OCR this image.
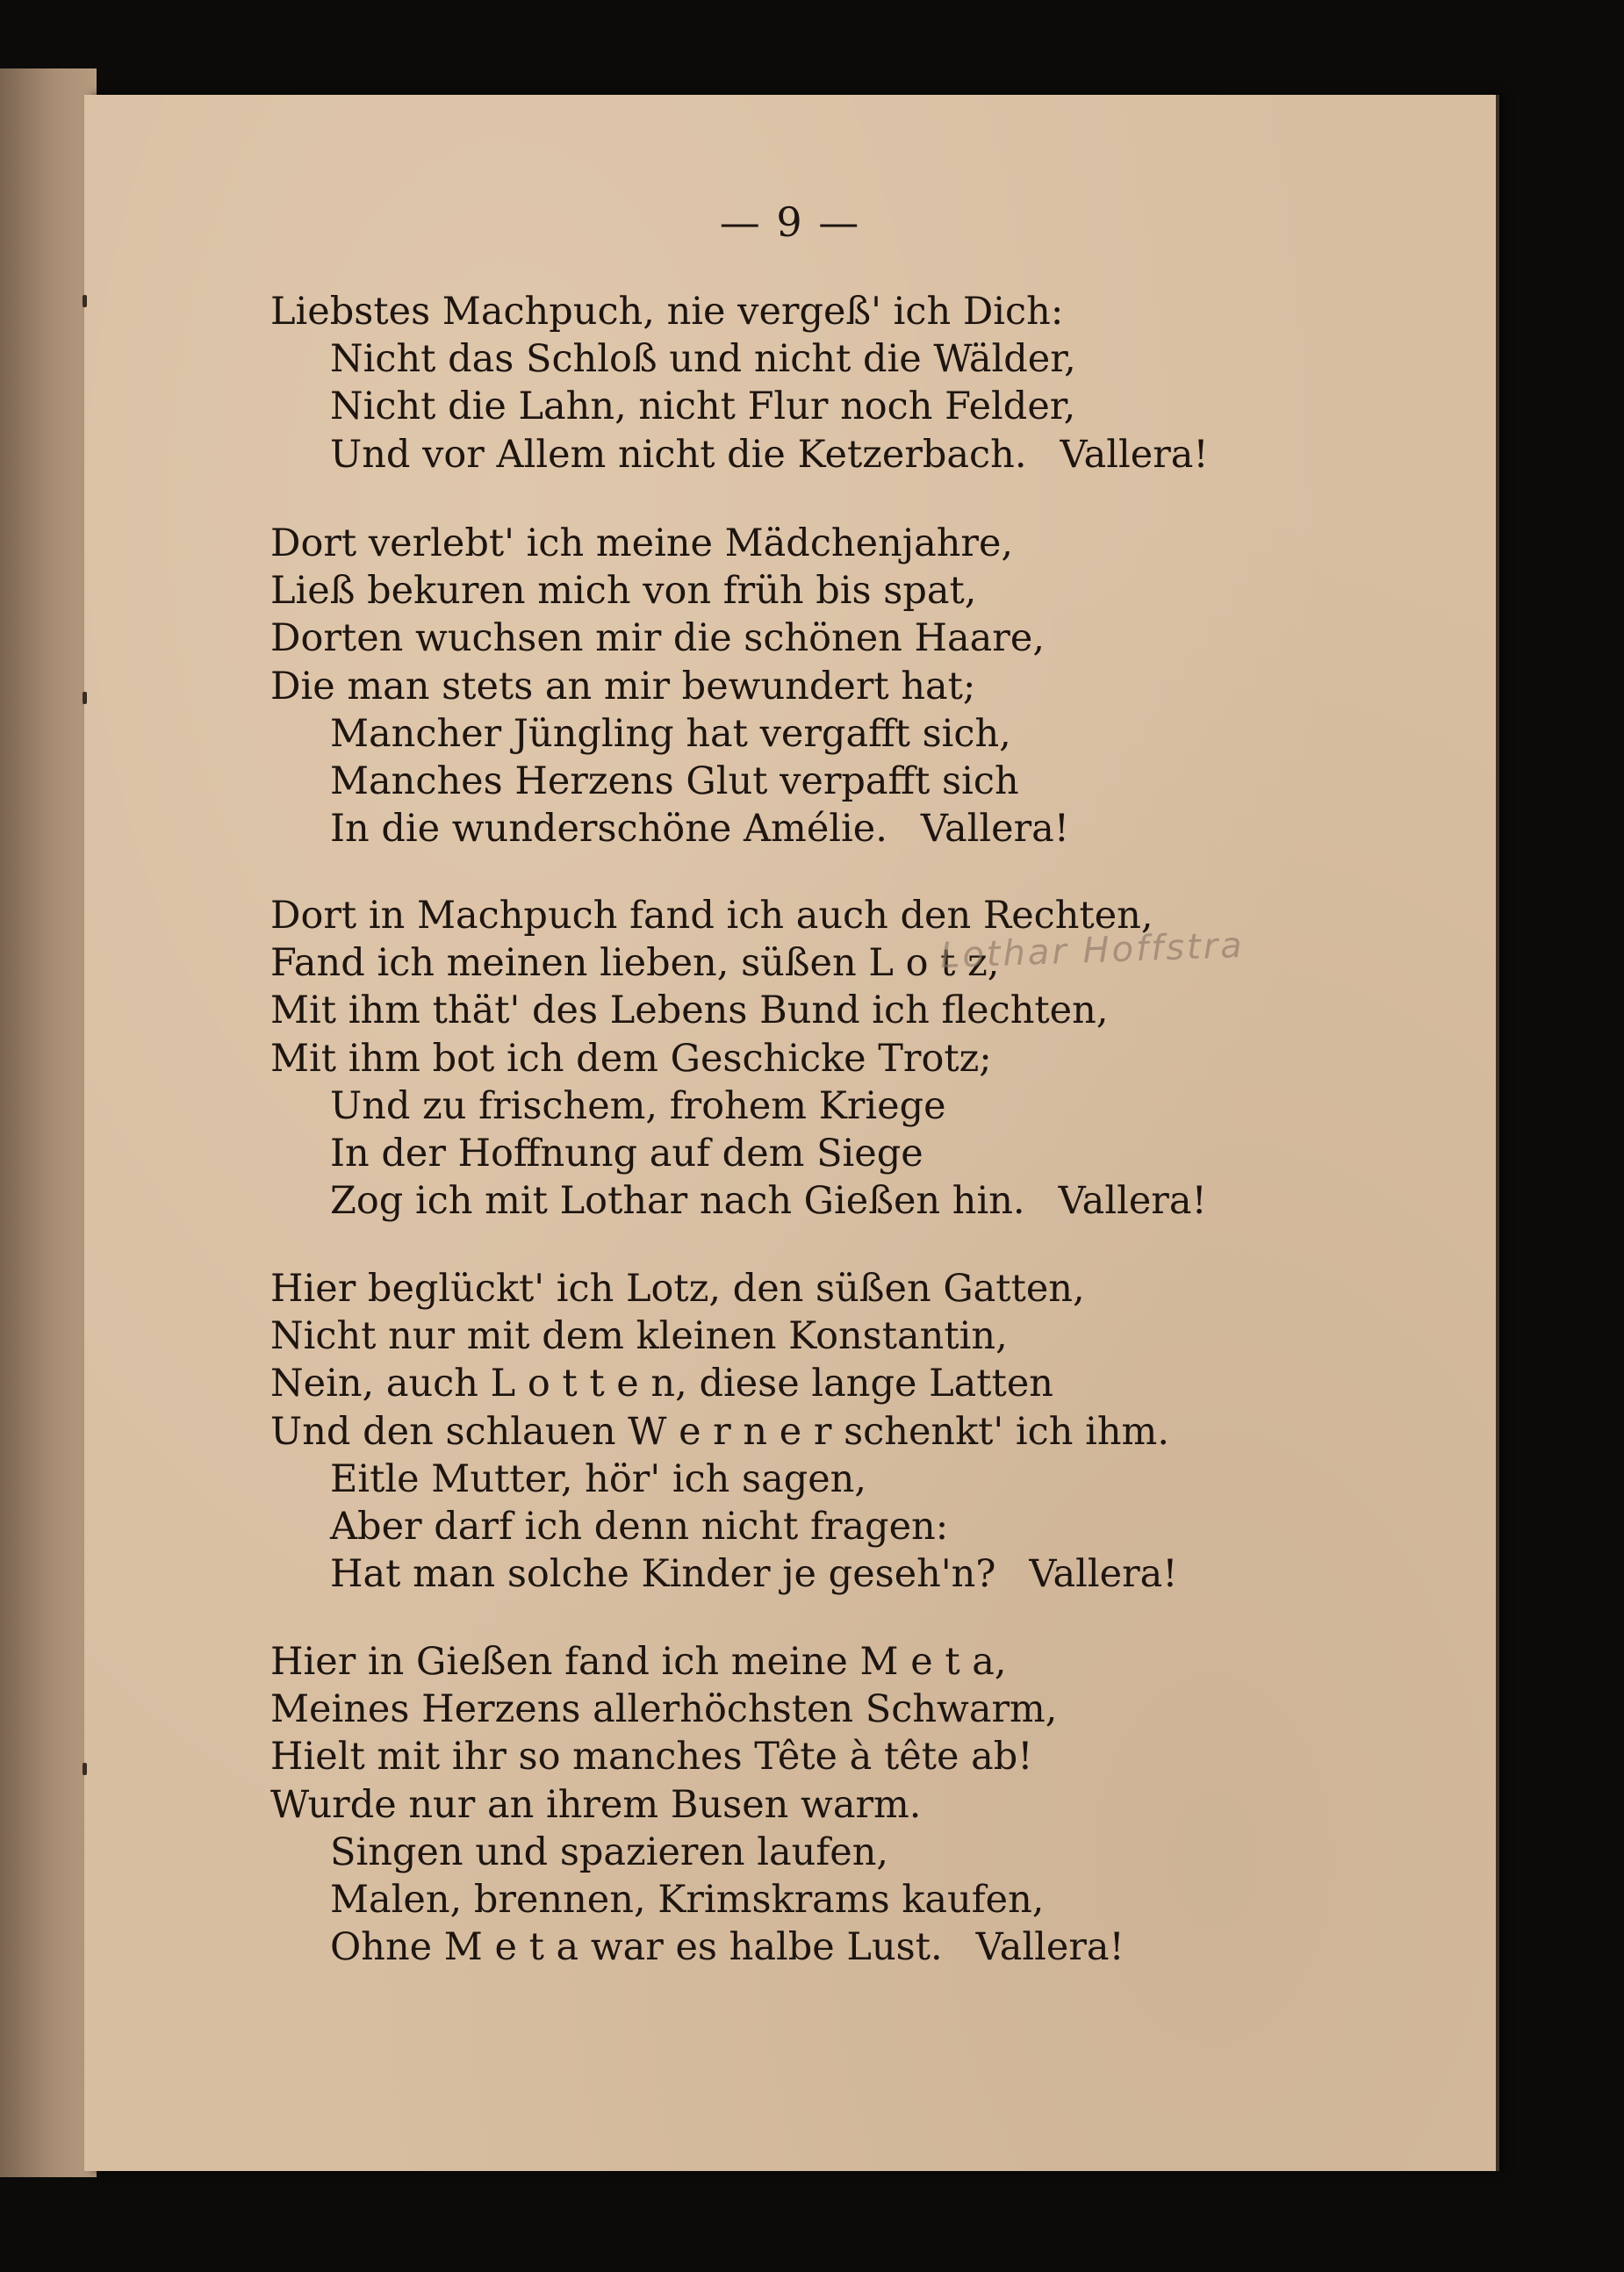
— 9 —
Liebstes Machpuch, nie vergeß' ich Dich:
Nicht das Schloß und nicht die Wälder,
Nicht die Lahn, nicht Flur noch Felder,
Und vor Allem nicht die Ketzerbach. Vallera!
Dort verlebt' ich meine Mädchenjahre,
Ließ bekuren mich von früh bis spat,
Dorten wuchsen mir die schönen Haare,
Die man stets an mir bewundert hat;
Mancher Jüngling hat vergafft sich,
Manches Herzens Glut verpafft sich
In die wunderschöne Amélie. Vallera!
Dort in Machpuch fand ich auch den Rechten,
Fand ich meinen lieben, süßen L o t z,
Mit ihm thät' des Lebens Bund ich flechten,
Mit ihm bot ich dem Geschicke Trotz;
Und zu frischem, frohem Kriege
In der Hoffnung auf dem Siege
Zog ich mit Lothar nach Gießen hin. Vallera!
Hier beglückt' ich Lotz, den süßen Gatten,
Nicht nur mit dem kleinen Konstantin,
Nein, auch L o t t e n, diese lange Latten
Und den schlauen W e r n e r schenkt' ich ihm.
Eitle Mutter, hör' ich sagen,
Aber darf ich denn nicht fragen:
Hat man solche Kinder je geseh'n? Vallera!
Hier in Gießen fand ich meine M e t a,
Meines Herzens allerhöchsten Schwarm,
Hielt mit ihr so manches Tête à tête ab!
Wurde nur an ihrem Busen warm.
Singen und spazieren laufen,
Malen, brennen, Krimskrams kaufen,
Ohne M e t a war es halbe Lust. Vallera!
Lothar Hoffstra
